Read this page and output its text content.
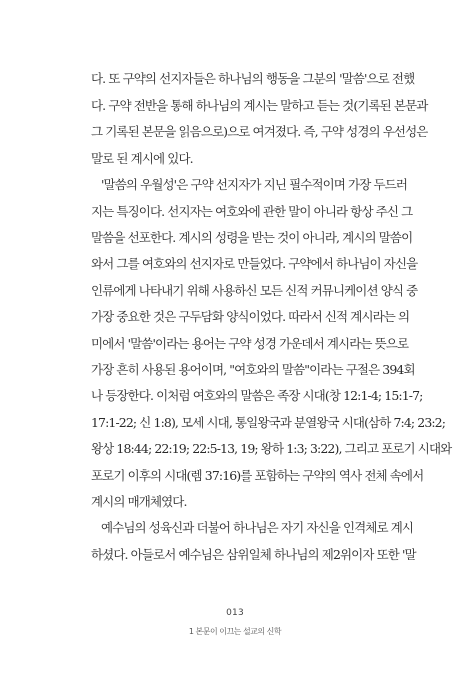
다. 또 구약의 선지자들은 하나님의 행동을 그분의 '말씀'으로 전했
다. 구약 전반을 통해 하나님의 계시는 말하고 듣는 것(기록된 본문과
그 기록된 본문을 읽음으로)으로 여겨졌다. 즉, 구약 성경의 우선성은
말로 된 계시에 있다.
'말씀의 우월성'은 구약 선지자가 지닌 필수적이며 가장 두드러
지는 특징이다. 선지자는 여호와에 관한 말이 아니라 항상 주신 그
말씀을 선포한다. 계시의 성령을 받는 것이 아니라, 계시의 말씀이
와서 그를 여호와의 선지자로 만들었다. 구약에서 하나님이 자신을
인류에게 나타내기 위해 사용하신 모든 신적 커뮤니케이션 양식 중
가장 중요한 것은 구두담화 양식이었다. 따라서 신적 계시라는 의
미에서 '말씀'이라는 용어는 구약 성경 가운데서 계시라는 뜻으로
가장 흔히 사용된 용어이며, "여호와의 말씀"이라는 구절은 394회
나 등장한다. 이처럼 여호와의 말씀은 족장 시대(창 12:1-4; 15:1-7;
17:1-22; 신 1:8), 모세 시대, 통일왕국과 분열왕국 시대(삼하 7:4; 23:2;
왕상 18:44; 22:19; 22:5-13, 19; 왕하 1:3; 3:22), 그리고 포로기 시대와
포로기 이후의 시대(렘 37:16)를 포함하는 구약의 역사 전체 속에서
계시의 매개체였다.
예수님의 성육신과 더불어 하나님은 자기 자신을 인격체로 계시
하셨다. 아들로서 예수님은 삼위일체 하나님의 제2위이자 또한 '말
013
1 본문이 이끄는 설교의 신학
